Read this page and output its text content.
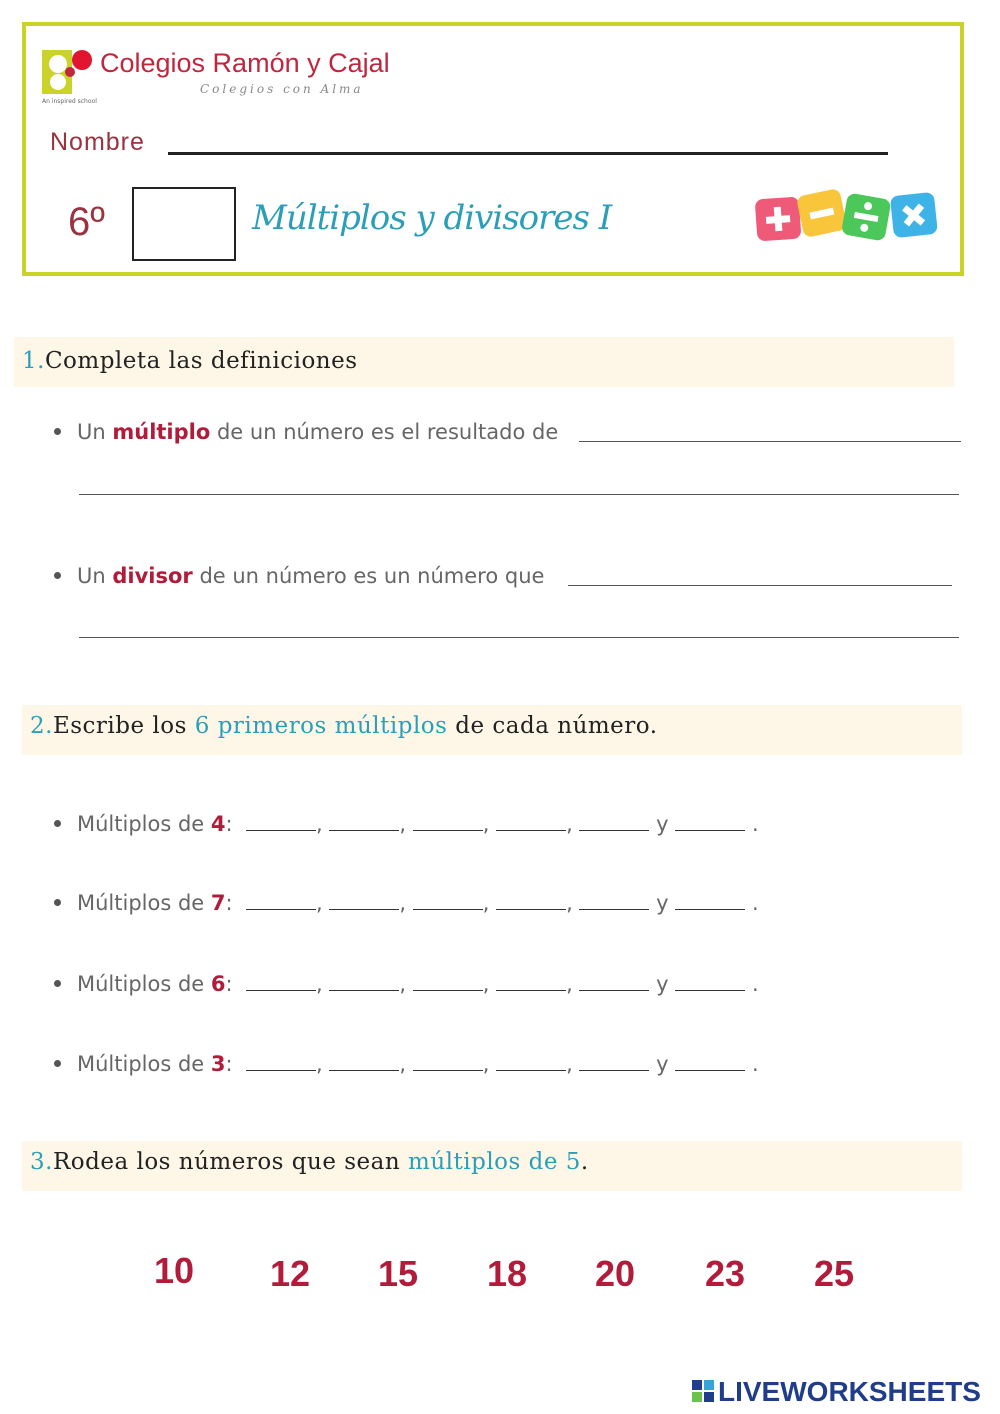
Colegios Ramón y Cajal
Colegios con Alma
An inspired school
Nombre
6º	Múltiplos y divisores I
1.Completa las definiciones
Un múltiplo de un número es el resultado de
Un divisor de un número es un número que
2.Escribe los 6 primeros múltiplos de cada número.
Múltiplos de 4:	,	,	,	,	y	.
Múltiplos de 7:	,	,	,	,	y	.
Múltiplos de 6:	,	,	,	,	y	.
Múltiplos de 3:	,	,	,	,	y	.
3.Rodea los números que sean múltiplos de 5.
10 12 15 18 20 23 25
LIVEWORKSHEETS
